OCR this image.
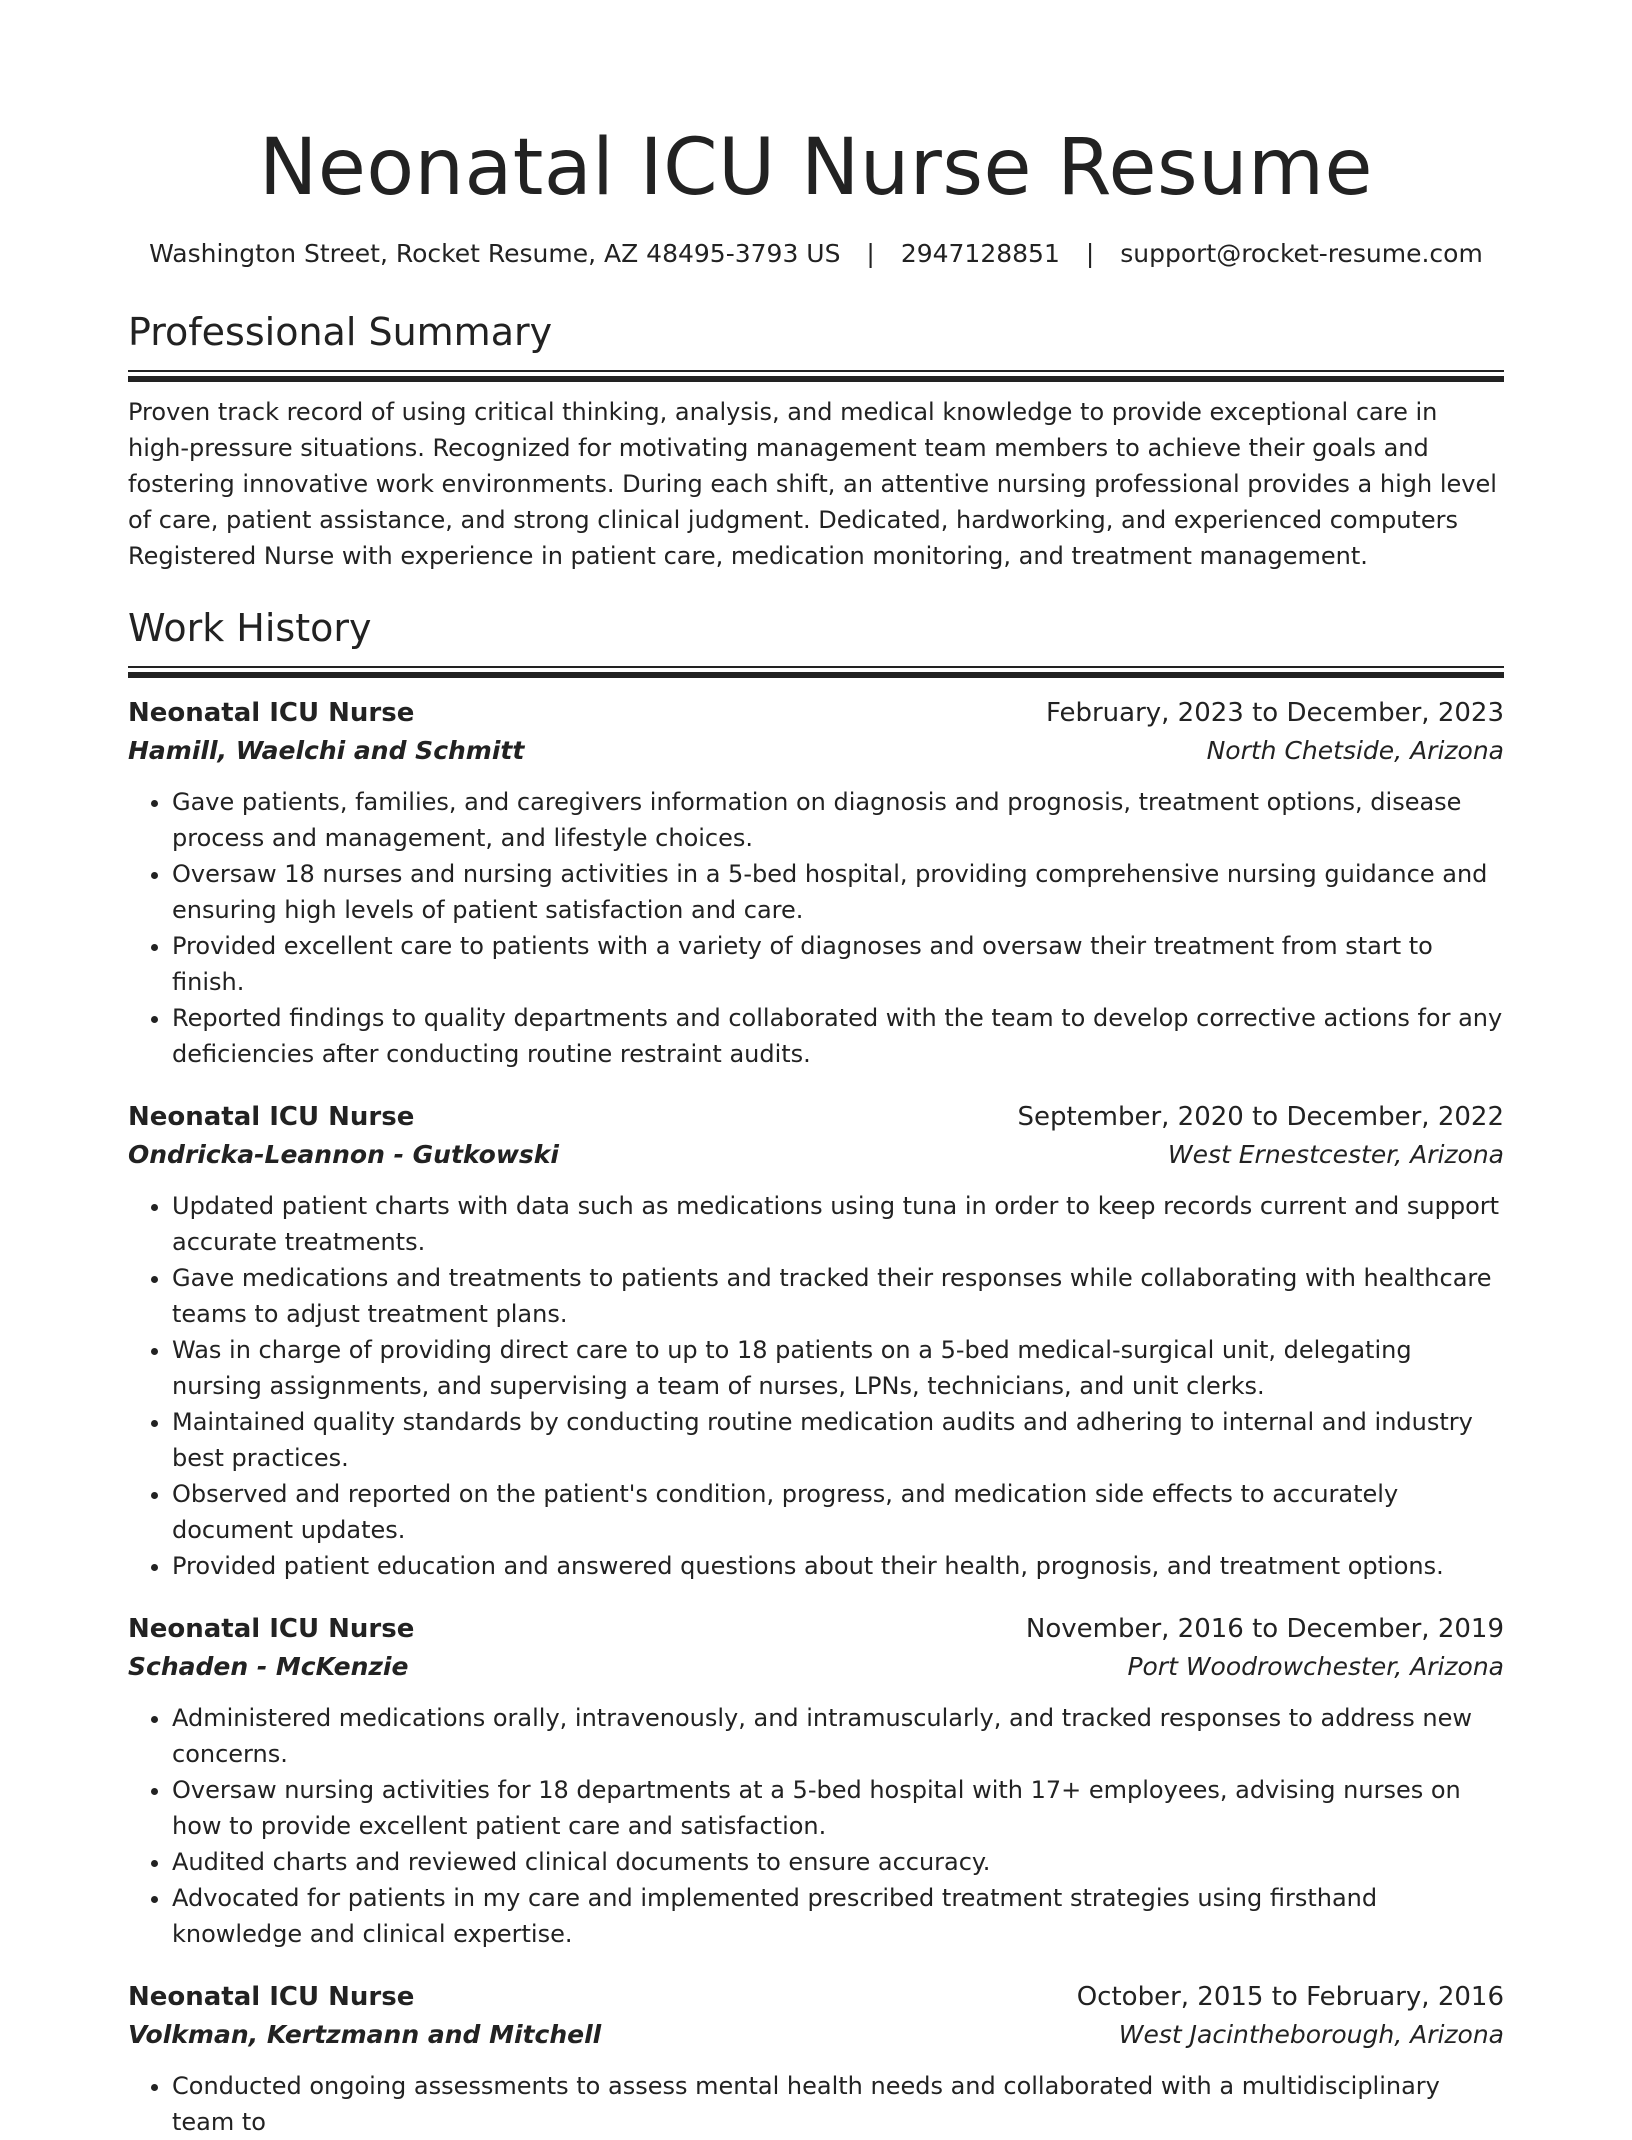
Neonatal ICU Nurse Resume
Washington Street, Rocket Resume, AZ 48495-3793 US | 2947128851 | support@rocket-resume.com
Professional Summary

Proven track record of using critical thinking, analysis, and medical knowledge to provide exceptional care in high-pressure situations. Recognized for motivating management team members to achieve their goals and fostering innovative work environments. During each shift, an attentive nursing professional provides a high level of care, patient assistance, and strong clinical judgment. Dedicated, hardworking, and experienced computers Registered Nurse with experience in patient care, medication monitoring, and treatment management.

Work History
Neonatal ICU Nurse	February, 2023 to December, 2023
Hamill, Waelchi and Schmitt	North Chetside, Arizona
• Gave patients, families, and caregivers information on diagnosis and prognosis, treatment options, disease process and management, and lifestyle choices.
• Oversaw 18 nurses and nursing activities in a 5-bed hospital, providing comprehensive nursing guidance and ensuring high levels of patient satisfaction and care.
• Provided excellent care to patients with a variety of diagnoses and oversaw their treatment from start to finish.
• Reported findings to quality departments and collaborated with the team to develop corrective actions for any deficiencies after conducting routine restraint audits.
Neonatal ICU Nurse	September, 2020 to December, 2022
Ondricka-Leannon - Gutkowski	West Ernestcester, Arizona
• Updated patient charts with data such as medications using tuna in order to keep records current and support accurate treatments.
• Gave medications and treatments to patients and tracked their responses while collaborating with healthcare teams to adjust treatment plans.
• Was in charge of providing direct care to up to 18 patients on a 5-bed medical-surgical unit, delegating nursing assignments, and supervising a team of nurses, LPNs, technicians, and unit clerks.
• Maintained quality standards by conducting routine medication audits and adhering to internal and industry best practices.
• Observed and reported on the patient's condition, progress, and medication side effects to accurately document updates.
• Provided patient education and answered questions about their health, prognosis, and treatment options.
Neonatal ICU Nurse	November, 2016 to December, 2019
Schaden - McKenzie	Port Woodrowchester, Arizona
• Administered medications orally, intravenously, and intramuscularly, and tracked responses to address new concerns.
• Oversaw nursing activities for 18 departments at a 5-bed hospital with 17+ employees, advising nurses on how to provide excellent patient care and satisfaction.
• Audited charts and reviewed clinical documents to ensure accuracy.
• Advocated for patients in my care and implemented prescribed treatment strategies using firsthand knowledge and clinical expertise.
Neonatal ICU Nurse	October, 2015 to February, 2016
Volkman, Kertzmann and Mitchell	West Jacintheborough, Arizona
• Conducted ongoing assessments to assess mental health needs and collaborated with a multidisciplinary team to
